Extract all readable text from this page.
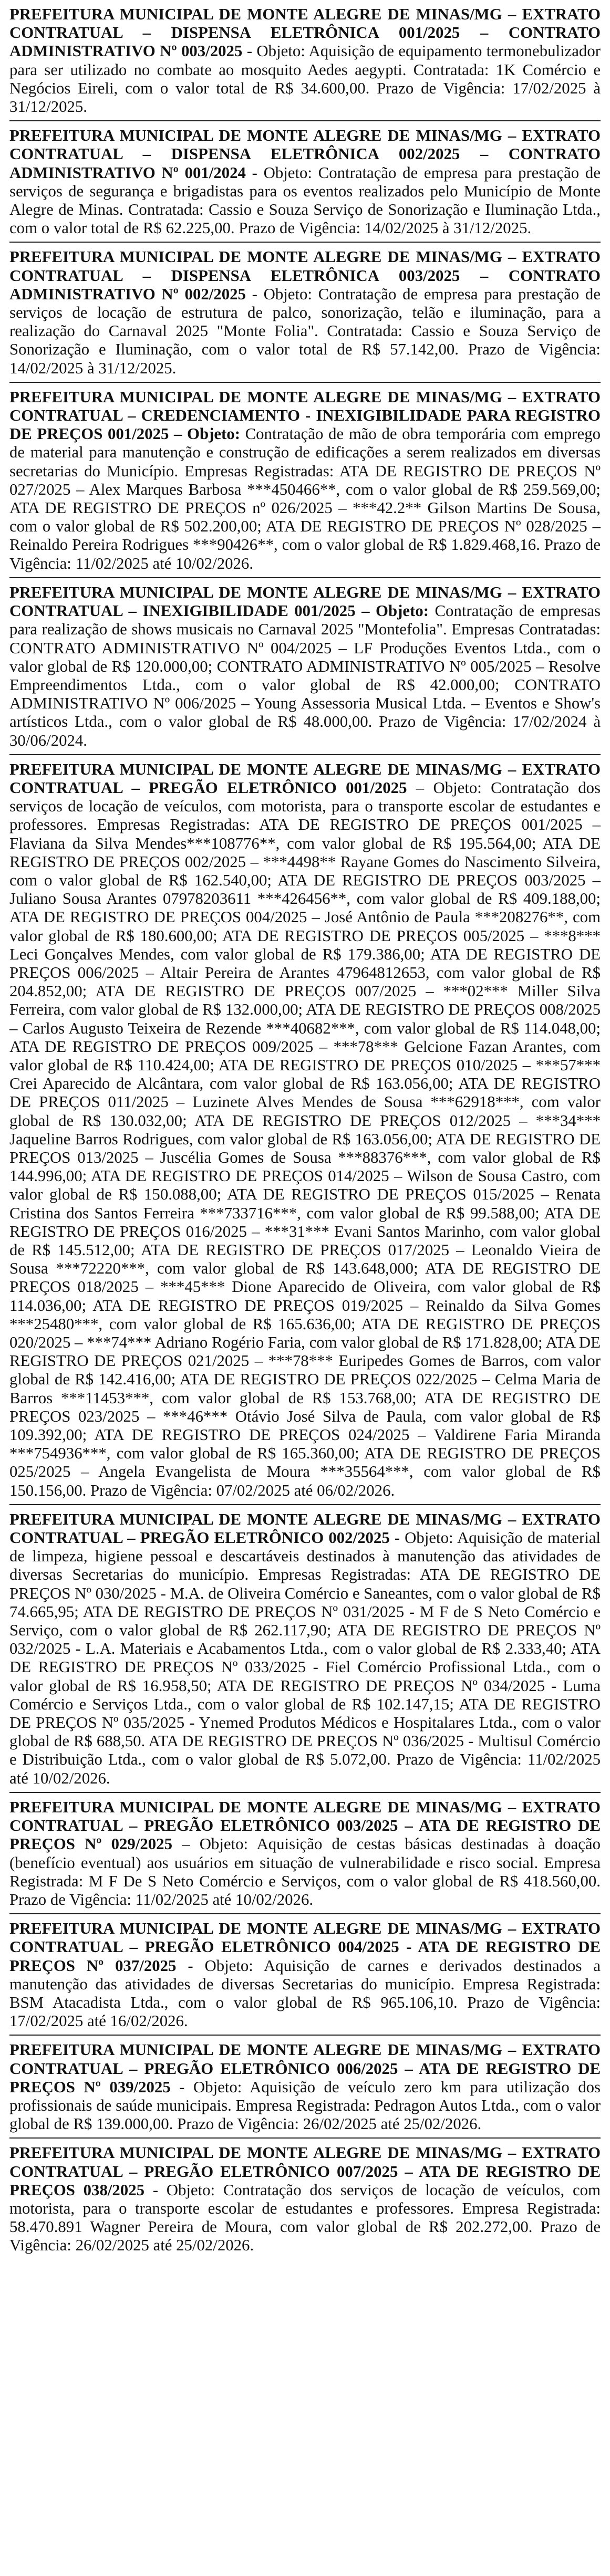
PREFEITURA MUNICIPAL DE MONTE ALEGRE DE MINAS/MG – EXTRATO CONTRATUAL – DISPENSA ELETRÔNICA 001/2025 – CONTRATO ADMINISTRATIVO Nº 003/2025 - Objeto: Aquisição de equipamento termonebulizador para ser utilizado no combate ao mosquito Aedes aegypti. Contratada: 1K Comércio e Negócios Eireli, com o valor total de R$ 34.600,00. Prazo de Vigência: 17/02/2025 à 31/12/2025.
PREFEITURA MUNICIPAL DE MONTE ALEGRE DE MINAS/MG – EXTRATO CONTRATUAL – DISPENSA ELETRÔNICA 002/2025 – CONTRATO ADMINISTRATIVO Nº 001/2024 - Objeto: Contratação de empresa para prestação de serviços de segurança e brigadistas para os eventos realizados pelo Município de Monte Alegre de Minas. Contratada: Cassio e Souza Serviço de Sonorização e Iluminação Ltda., com o valor total de R$ 62.225,00. Prazo de Vigência: 14/02/2025 à 31/12/2025.
PREFEITURA MUNICIPAL DE MONTE ALEGRE DE MINAS/MG – EXTRATO CONTRATUAL – DISPENSA ELETRÔNICA 003/2025 – CONTRATO ADMINISTRATIVO Nº 002/2025 - Objeto: Contratação de empresa para prestação de serviços de locação de estrutura de palco, sonorização, telão e iluminação, para a realização do Carnaval 2025 "Monte Folia". Contratada: Cassio e Souza Serviço de Sonorização e Iluminação, com o valor total de R$ 57.142,00. Prazo de Vigência: 14/02/2025 à 31/12/2025.
PREFEITURA MUNICIPAL DE MONTE ALEGRE DE MINAS/MG – EXTRATO CONTRATUAL – CREDENCIAMENTO - INEXIGIBILIDADE PARA REGISTRO DE PREÇOS 001/2025 – Objeto: Contratação de mão de obra temporária com emprego de material para manutenção e construção de edificações a serem realizados em diversas secretarias do Município. Empresas Registradas: ATA DE REGISTRO DE PREÇOS Nº 027/2025 – Alex Marques Barbosa ***450466**, com o valor global de R$ 259.569,00; ATA DE REGISTRO DE PREÇOS nº 026/2025 – ***42.2** Gilson Martins De Sousa, com o valor global de R$ 502.200,00; ATA DE REGISTRO DE PREÇOS Nº 028/2025 – Reinaldo Pereira Rodrigues ***90426**, com o valor global de R$ 1.829.468,16. Prazo de Vigência: 11/02/2025 até 10/02/2026.
PREFEITURA MUNICIPAL DE MONTE ALEGRE DE MINAS/MG – EXTRATO CONTRATUAL – INEXIGIBILIDADE 001/2025 – Objeto: Contratação de empresas para realização de shows musicais no Carnaval 2025 "Montefolia". Empresas Contratadas: CONTRATO ADMINISTRATIVO Nº 004/2025 – LF Produções Eventos Ltda., com o valor global de R$ 120.000,00; CONTRATO ADMINISTRATIVO Nº 005/2025 – Resolve Empreendimentos Ltda., com o valor global de R$ 42.000,00; CONTRATO ADMINISTRATIVO Nº 006/2025 – Young Assessoria Musical Ltda. – Eventos e Show's artísticos Ltda., com o valor global de R$ 48.000,00. Prazo de Vigência: 17/02/2024 à 30/06/2024.
PREFEITURA MUNICIPAL DE MONTE ALEGRE DE MINAS/MG – EXTRATO CONTRATUAL – PREGÃO ELETRÔNICO 001/2025 – Objeto: Contratação dos serviços de locação de veículos, com motorista, para o transporte escolar de estudantes e professores. Empresas Registradas: ATA DE REGISTRO DE PREÇOS 001/2025 – Flaviana da Silva Mendes***108776**, com valor global de R$ 195.564,00; ATA DE REGISTRO DE PREÇOS 002/2025 – ***4498** Rayane Gomes do Nascimento Silveira, com o valor global de R$ 162.540,00; ATA DE REGISTRO DE PREÇOS 003/2025 – Juliano Sousa Arantes 07978203611 ***426456**, com valor global de R$ 409.188,00; ATA DE REGISTRO DE PREÇOS 004/2025 – José Antônio de Paula ***208276**, com valor global de R$ 180.600,00; ATA DE REGISTRO DE PREÇOS 005/2025 – ***8*** Leci Gonçalves Mendes, com valor global de R$ 179.386,00; ATA DE REGISTRO DE PREÇOS 006/2025 – Altair Pereira de Arantes 47964812653, com valor global de R$ 204.852,00; ATA DE REGISTRO DE PREÇOS 007/2025 – ***02*** Miller Silva Ferreira, com valor global de R$ 132.000,00; ATA DE REGISTRO DE PREÇOS 008/2025 – Carlos Augusto Teixeira de Rezende ***40682***, com valor global de R$ 114.048,00; ATA DE REGISTRO DE PREÇOS 009/2025 – ***78*** Gelcione Fazan Arantes, com valor global de R$ 110.424,00; ATA DE REGISTRO DE PREÇOS 010/2025 – ***57*** Crei Aparecido de Alcântara, com valor global de R$ 163.056,00; ATA DE REGISTRO DE PREÇOS 011/2025 – Luzinete Alves Mendes de Sousa ***62918***, com valor global de R$ 130.032,00; ATA DE REGISTRO DE PREÇOS 012/2025 – ***34*** Jaqueline Barros Rodrigues, com valor global de R$ 163.056,00; ATA DE REGISTRO DE PREÇOS 013/2025 – Juscélia Gomes de Sousa ***88376***, com valor global de R$ 144.996,00; ATA DE REGISTRO DE PREÇOS 014/2025 – Wilson de Sousa Castro, com valor global de R$ 150.088,00; ATA DE REGISTRO DE PREÇOS 015/2025 – Renata Cristina dos Santos Ferreira ***733716***, com valor global de R$ 99.588,00; ATA DE REGISTRO DE PREÇOS 016/2025 – ***31*** Evani Santos Marinho, com valor global de R$ 145.512,00; ATA DE REGISTRO DE PREÇOS 017/2025 – Leonaldo Vieira de Sousa ***72220***, com valor global de R$ 143.648,000; ATA DE REGISTRO DE PREÇOS 018/2025 – ***45*** Dione Aparecido de Oliveira, com valor global de R$ 114.036,00; ATA DE REGISTRO DE PREÇOS 019/2025 – Reinaldo da Silva Gomes ***25480***, com valor global de R$ 165.636,00; ATA DE REGISTRO DE PREÇOS 020/2025 – ***74*** Adriano Rogério Faria, com valor global de R$ 171.828,00; ATA DE REGISTRO DE PREÇOS 021/2025 – ***78*** Euripedes Gomes de Barros, com valor global de R$ 142.416,00; ATA DE REGISTRO DE PREÇOS 022/2025 – Celma Maria de Barros ***11453***, com valor global de R$ 153.768,00; ATA DE REGISTRO DE PREÇOS 023/2025 – ***46*** Otávio José Silva de Paula, com valor global de R$ 109.392,00; ATA DE REGISTRO DE PREÇOS 024/2025 – Valdirene Faria Miranda ***754936***, com valor global de R$ 165.360,00; ATA DE REGISTRO DE PREÇOS 025/2025 – Angela Evangelista de Moura ***35564***, com valor global de R$ 150.156,00. Prazo de Vigência: 07/02/2025 até 06/02/2026.
PREFEITURA MUNICIPAL DE MONTE ALEGRE DE MINAS/MG – EXTRATO CONTRATUAL – PREGÃO ELETRÔNICO 002/2025 - Objeto: Aquisição de material de limpeza, higiene pessoal e descartáveis destinados à manutenção das atividades de diversas Secretarias do município. Empresas Registradas: ATA DE REGISTRO DE PREÇOS Nº 030/2025 - M.A. de Oliveira Comércio e Saneantes, com o valor global de R$ 74.665,95; ATA DE REGISTRO DE PREÇOS Nº 031/2025 - M F de S Neto Comércio e Serviço, com o valor global de R$ 262.117,90; ATA DE REGISTRO DE PREÇOS Nº 032/2025 - L.A. Materiais e Acabamentos Ltda., com o valor global de R$ 2.333,40; ATA DE REGISTRO DE PREÇOS Nº 033/2025 - Fiel Comércio Profissional Ltda., com o valor global de R$ 16.958,50; ATA DE REGISTRO DE PREÇOS Nº 034/2025 - Luma Comércio e Serviços Ltda., com o valor global de R$ 102.147,15; ATA DE REGISTRO DE PREÇOS Nº 035/2025 - Ynemed Produtos Médicos e Hospitalares Ltda., com o valor global de R$ 688,50. ATA DE REGISTRO DE PREÇOS Nº 036/2025 - Multisul Comércio e Distribuição Ltda., com o valor global de R$ 5.072,00. Prazo de Vigência: 11/02/2025 até 10/02/2026.
PREFEITURA MUNICIPAL DE MONTE ALEGRE DE MINAS/MG – EXTRATO CONTRATUAL – PREGÃO ELETRÔNICO 003/2025 – ATA DE REGISTRO DE PREÇOS Nº 029/2025 – Objeto: Aquisição de cestas básicas destinadas à doação (benefício eventual) aos usuários em situação de vulnerabilidade e risco social. Empresa Registrada: M F De S Neto Comércio e Serviços, com o valor global de R$ 418.560,00. Prazo de Vigência: 11/02/2025 até 10/02/2026.
PREFEITURA MUNICIPAL DE MONTE ALEGRE DE MINAS/MG – EXTRATO CONTRATUAL – PREGÃO ELETRÔNICO 004/2025 - ATA DE REGISTRO DE PREÇOS Nº 037/2025 - Objeto: Aquisição de carnes e derivados destinados a manutenção das atividades de diversas Secretarias do município. Empresa Registrada: BSM Atacadista Ltda., com o valor global de R$ 965.106,10. Prazo de Vigência: 17/02/2025 até 16/02/2026.
PREFEITURA MUNICIPAL DE MONTE ALEGRE DE MINAS/MG – EXTRATO CONTRATUAL – PREGÃO ELETRÔNICO 006/2025 – ATA DE REGISTRO DE PREÇOS Nº 039/2025 - Objeto: Aquisição de veículo zero km para utilização dos profissionais de saúde municipais. Empresa Registrada: Pedragon Autos Ltda., com o valor global de R$ 139.000,00. Prazo de Vigência: 26/02/2025 até 25/02/2026.
PREFEITURA MUNICIPAL DE MONTE ALEGRE DE MINAS/MG – EXTRATO CONTRATUAL – PREGÃO ELETRÔNICO 007/2025 – ATA DE REGISTRO DE PREÇOS 038/2025 - Objeto: Contratação dos serviços de locação de veículos, com motorista, para o transporte escolar de estudantes e professores. Empresa Registrada: 58.470.891 Wagner Pereira de Moura, com valor global de R$ 202.272,00. Prazo de Vigência: 26/02/2025 até 25/02/2026.
